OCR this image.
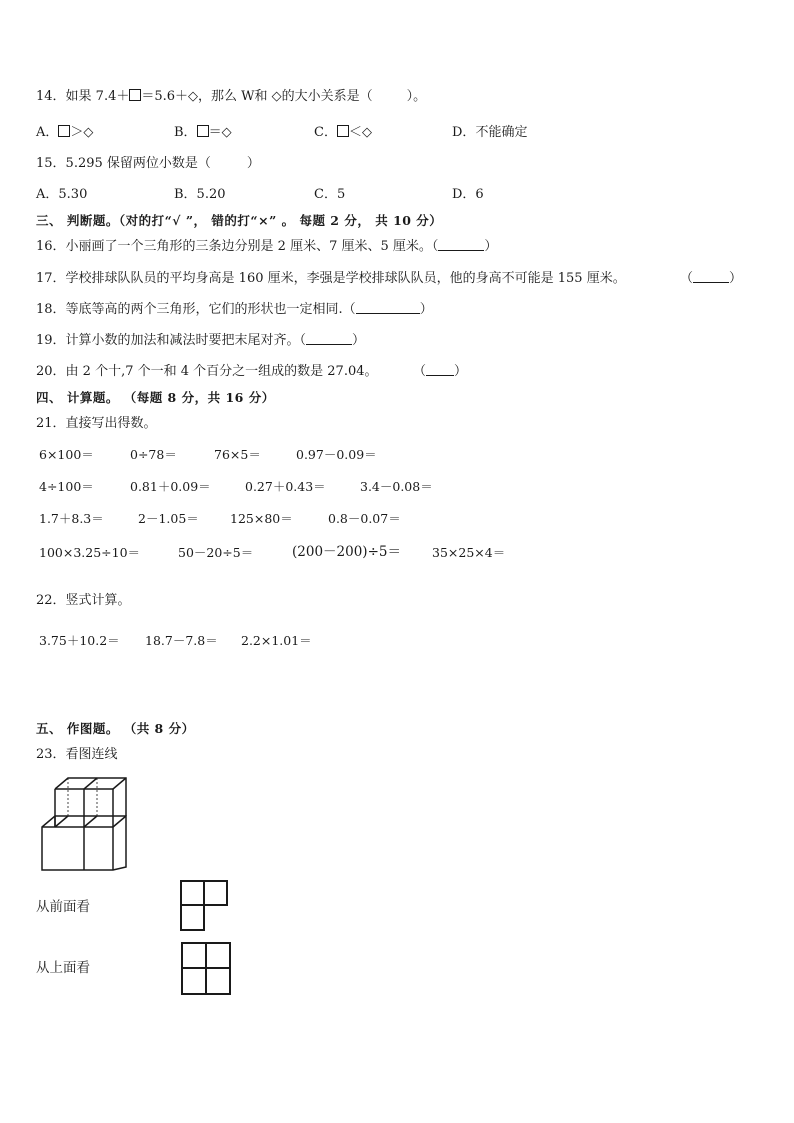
14．如果 7.4＋ ＝5.6＋◇，那么 W和 ◇的大小关系是（	）。
A． ＞◇	B． ＝◇	C． ＜◇	D．不能确定
15．5.295 保留两位小数是（	）
A．5.30	B．5.20	C．5	D．6
三、 判断题。（对的打“√ ”， 错的打“×” 。 每题 2 分， 共 10 分）
16．小丽画了一个三角形的三条边分别是 2 厘米、7 厘米、5 厘米。（	）
17．学校排球队队员的平均身高是 160 厘米，李强是学校排球队队员，他的身高不可能是 155 厘米。	（	）
18．等底等高的两个三角形，它们的形状也一定相同.（	）
19．计算小数的加法和减法时要把末尾对齐。（	）
20．由 2 个十,7 个一和 4 个百分之一组成的数是 27.04。	（ ）
四、 计算题。 （每题 8 分，共 16 分）
21．直接写出得数。
6×100＝	0÷78＝	76×5＝	0.97－0.09＝
4÷100＝	0.81＋0.09＝	0.27＋0.43＝	3.4－0.08＝
1.7＋8.3＝	2－1.05＝ 125×80＝	0.8－0.07＝
100×3.25÷10＝	50－20÷5＝	(200－200)÷5＝ 35×25×4＝
22．竖式计算。
3.75＋10.2＝ 18.7－7.8＝ 2.2×1.01＝
五、 作图题。 （共 8 分）
23．看图连线
从前面看
从上面看
